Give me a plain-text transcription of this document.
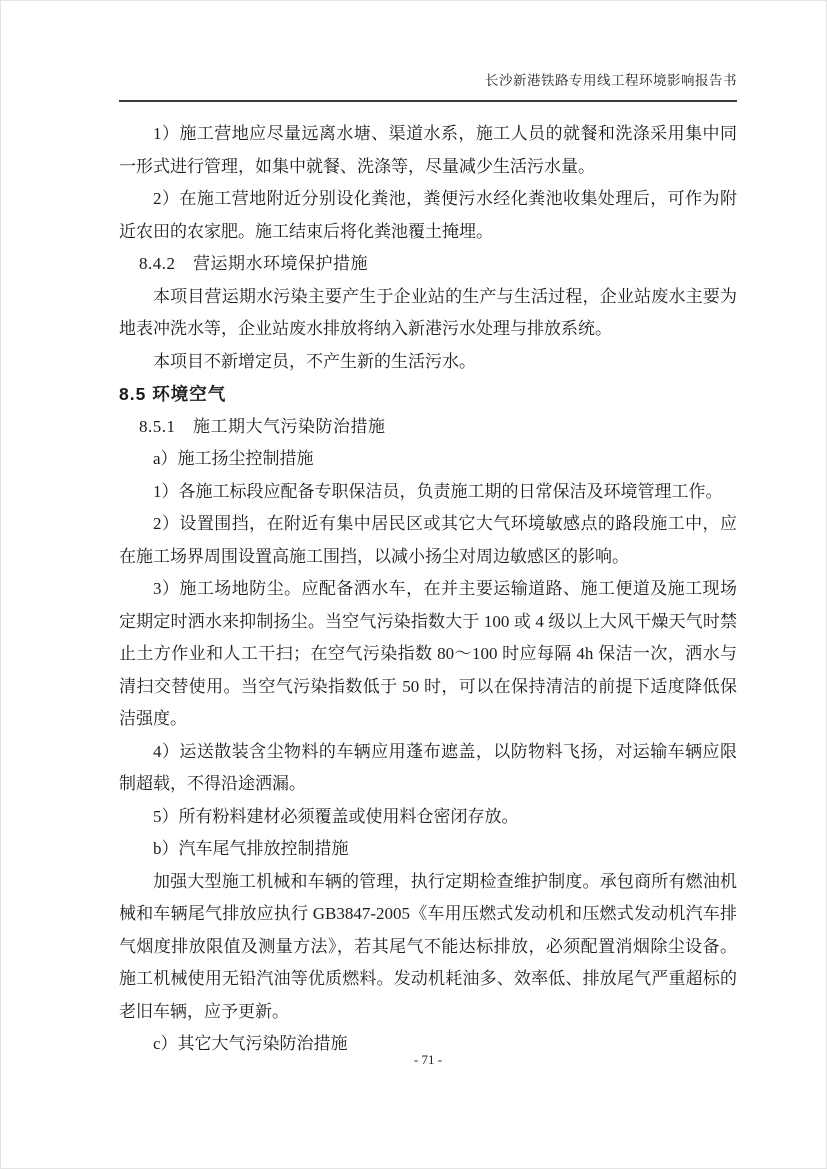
长沙新港铁路专用线工程环境影响报告书

1）施工营地应尽量远离水塘、渠道水系，施工人员的就餐和洗涤采用集中同一形式进行管理，如集中就餐、洗涤等，尽量减少生活污水量。

2）在施工营地附近分别设化粪池，粪便污水经化粪池收集处理后，可作为附近农田的农家肥。施工结束后将化粪池覆土掩埋。

8.4.2　营运期水环境保护措施

本项目营运期水污染主要产生于企业站的生产与生活过程，企业站废水主要为地表冲洗水等，企业站废水排放将纳入新港污水处理与排放系统。

本项目不新增定员，不产生新的生活污水。

8.5 环境空气

8.5.1　施工期大气污染防治措施

a）施工扬尘控制措施

1）各施工标段应配备专职保洁员，负责施工期的日常保洁及环境管理工作。

2）设置围挡，在附近有集中居民区或其它大气环境敏感点的路段施工中，应在施工场界周围设置高施工围挡，以减小扬尘对周边敏感区的影响。

3）施工场地防尘。应配备洒水车，在并主要运输道路、施工便道及施工现场定期定时洒水来抑制扬尘。当空气污染指数大于 100 或 4 级以上大风干燥天气时禁止土方作业和人工干扫；在空气污染指数 80～100 时应每隔 4h 保洁一次，洒水与清扫交替使用。当空气污染指数低于 50 时，可以在保持清洁的前提下适度降低保洁强度。

4）运送散装含尘物料的车辆应用蓬布遮盖，以防物料飞扬，对运输车辆应限制超载，不得沿途洒漏。

5）所有粉料建材必须覆盖或使用料仓密闭存放。

b）汽车尾气排放控制措施

加强大型施工机械和车辆的管理，执行定期检查维护制度。承包商所有燃油机械和车辆尾气排放应执行 GB3847-2005《车用压燃式发动机和压燃式发动机汽车排气烟度排放限值及测量方法》，若其尾气不能达标排放，必须配置消烟除尘设备。施工机械使用无铅汽油等优质燃料。发动机耗油多、效率低、排放尾气严重超标的老旧车辆，应予更新。

c）其它大气污染防治措施

- 71 -
